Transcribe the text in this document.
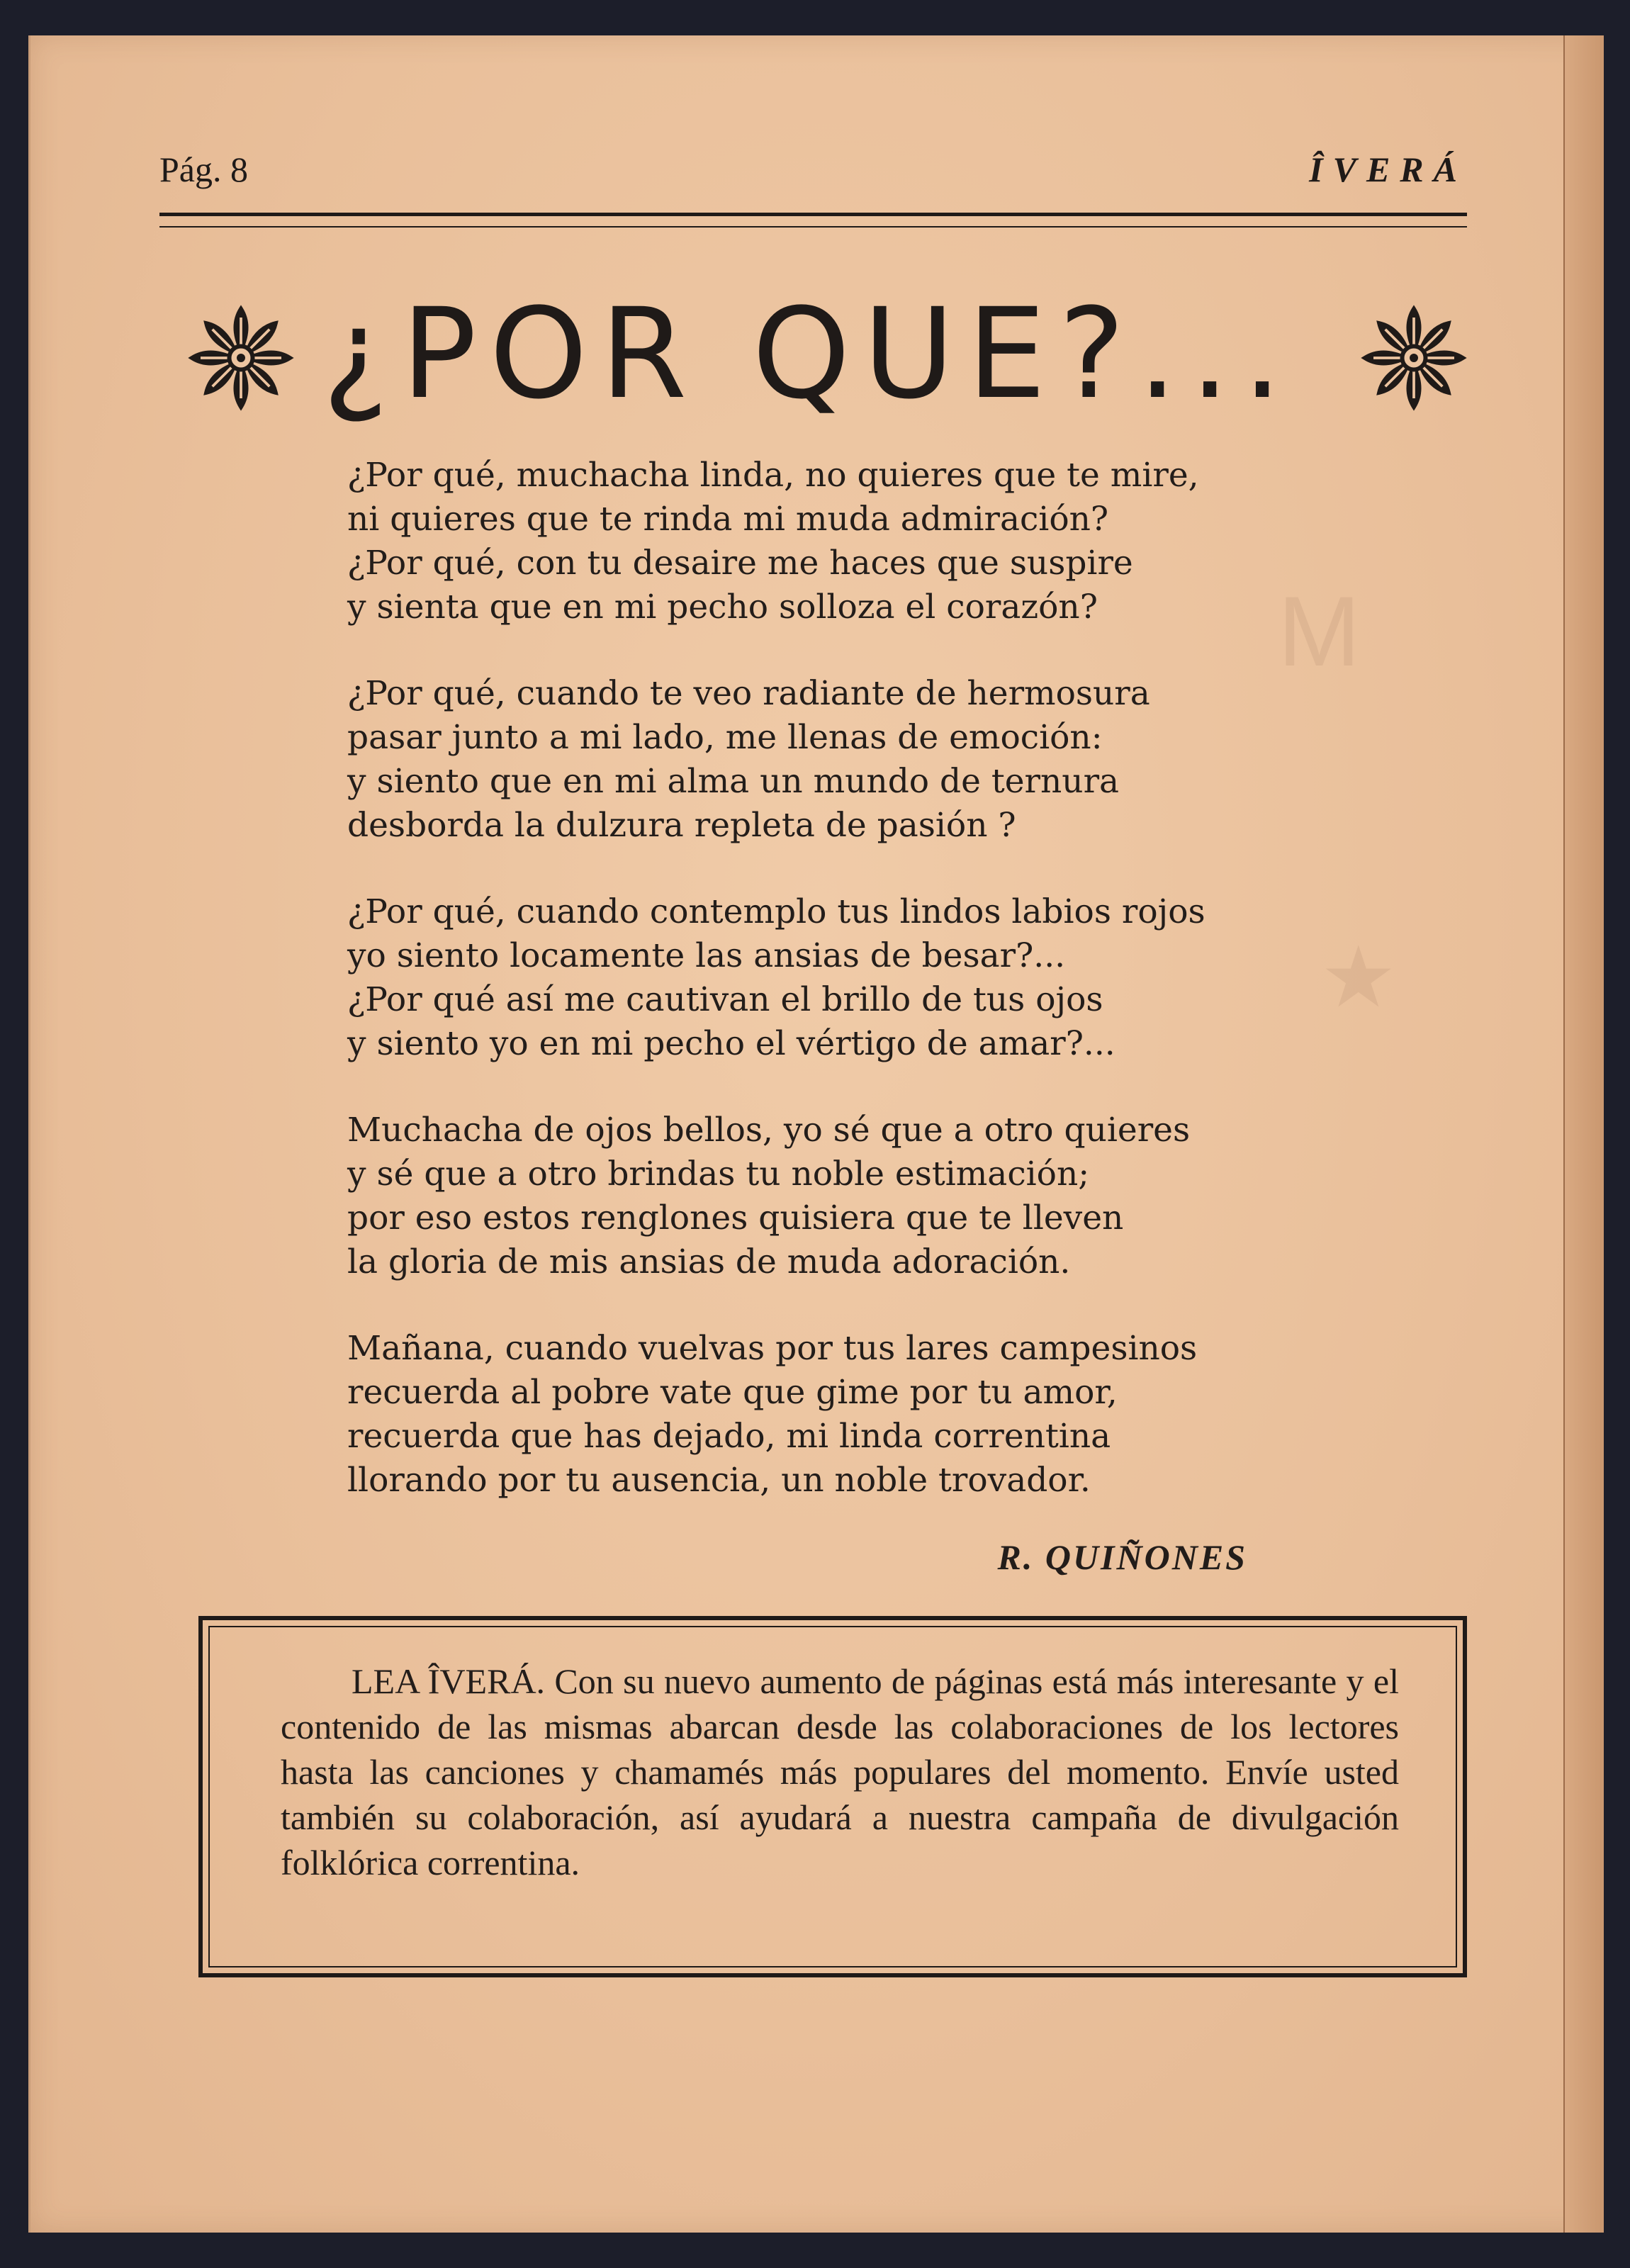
M
★
Pág. 8	ÎVERÁ
¿POR QUE?...
¿Por qué, muchacha linda, no quieres que te mire,
ni quieres que te rinda mi muda admiración?
¿Por qué, con tu desaire me haces que suspire
y sienta que en mi pecho solloza el corazón?
¿Por qué, cuando te veo radiante de hermosura
pasar junto a mi lado, me llenas de emoción:
y siento que en mi alma un mundo de ternura
desborda la dulzura repleta de pasión ?
¿Por qué, cuando contemplo tus lindos labios rojos
yo siento locamente las ansias de besar?...
¿Por qué así me cautivan el brillo de tus ojos
y siento yo en mi pecho el vértigo de amar?...
Muchacha de ojos bellos, yo sé que a otro quieres
y sé que a otro brindas tu noble estimación;
por eso estos renglones quisiera que te lleven
la gloria de mis ansias de muda adoración.
Mañana, cuando vuelvas por tus lares campesinos
recuerda al pobre vate que gime por tu amor,
recuerda que has dejado, mi linda correntina
llorando por tu ausencia, un noble trovador.
R. QUIÑONES
LEA ÎVERÁ. Con su nuevo aumento de páginas está más interesante y el contenido de las mismas abarcan desde las colaboraciones de los lectores hasta las canciones y chamamés más populares del momento. Envíe usted también su colaboración, así ayudará a nuestra campaña de divulgación folklórica correntina.
